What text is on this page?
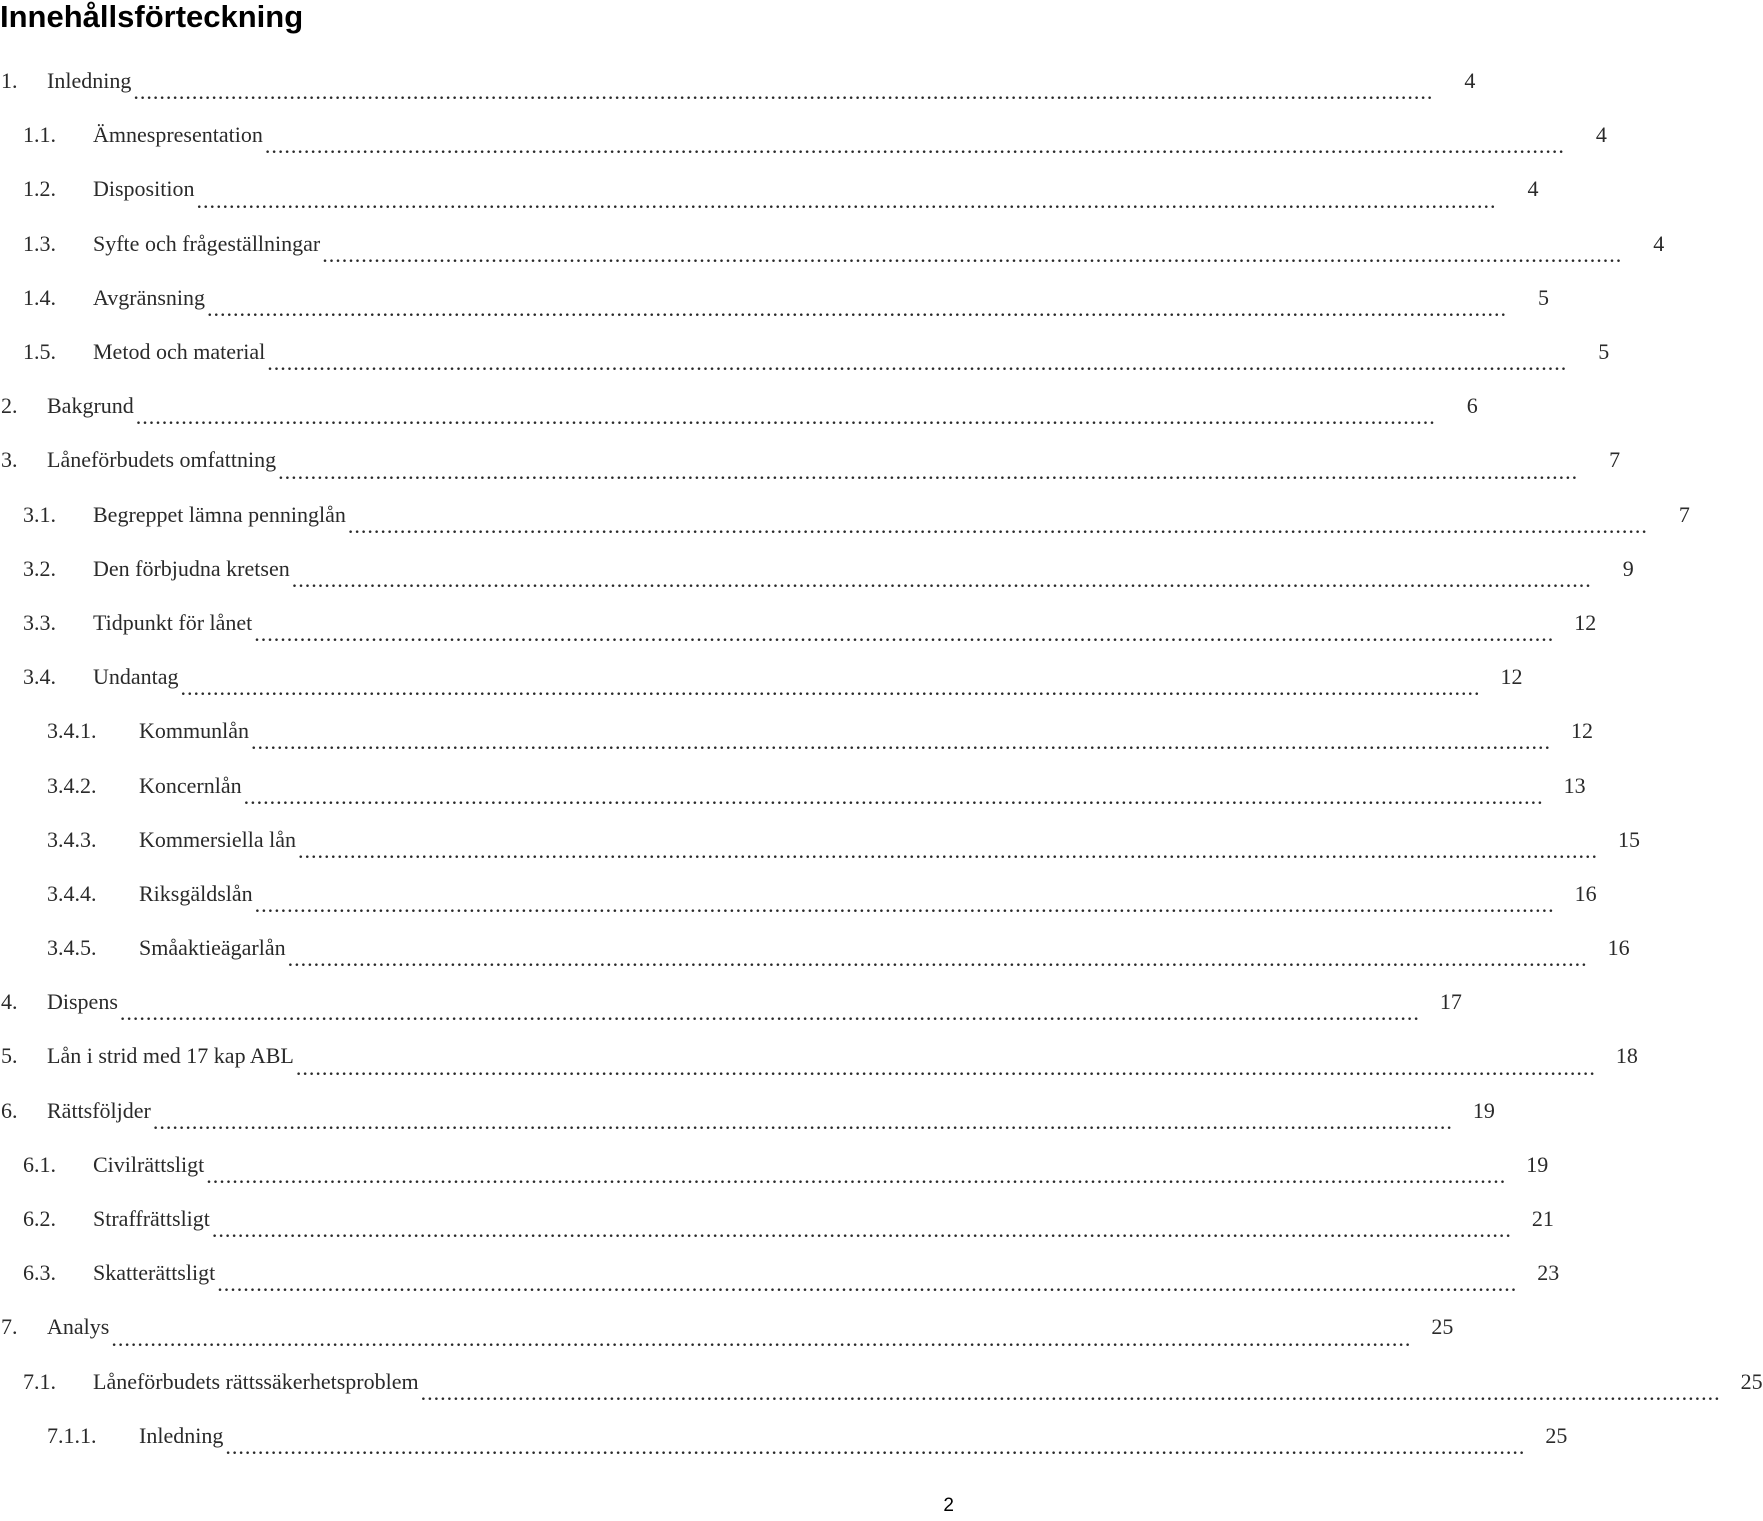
Innehållsförteckning
1.	Inledning ........................................................................................................................................................................................................	4
1.1.	Ämnespresentation ........................................................................................................................................................................................................	4
1.2.	Disposition ........................................................................................................................................................................................................	4
1.3.	Syfte och frågeställningar ........................................................................................................................................................................................................	4
1.4.	Avgränsning ........................................................................................................................................................................................................	5
1.5.	Metod och material ........................................................................................................................................................................................................	5
2.	Bakgrund ........................................................................................................................................................................................................	6
3.	Låneförbudets omfattning ........................................................................................................................................................................................................	7
3.1.	Begreppet lämna penninglån ........................................................................................................................................................................................................	7
3.2.	Den förbjudna kretsen ........................................................................................................................................................................................................	9
3.3.	Tidpunkt för lånet ........................................................................................................................................................................................................ 12
3.4.	Undantag ........................................................................................................................................................................................................ 12
3.4.1.	Kommunlån ........................................................................................................................................................................................................ 12
3.4.2.	Koncernlån ........................................................................................................................................................................................................ 13
3.4.3.	Kommersiella lån ........................................................................................................................................................................................................ 15
3.4.4.	Riksgäldslån ........................................................................................................................................................................................................ 16
3.4.5.	Småaktieägarlån ........................................................................................................................................................................................................ 16
4.	Dispens ........................................................................................................................................................................................................ 17
5.	Lån i strid med 17 kap ABL ........................................................................................................................................................................................................ 18
6.	Rättsföljder ........................................................................................................................................................................................................ 19
6.1.	Civilrättsligt ........................................................................................................................................................................................................ 19
6.2.	Straffrättsligt ........................................................................................................................................................................................................ 21
6.3.	Skatterättsligt ........................................................................................................................................................................................................ 23
7.	Analys ........................................................................................................................................................................................................ 25
7.1.	Låneförbudets rättssäkerhetsproblem ........................................................................................................................................................................................................ 25
7.1.1.	Inledning ........................................................................................................................................................................................................ 25
2
